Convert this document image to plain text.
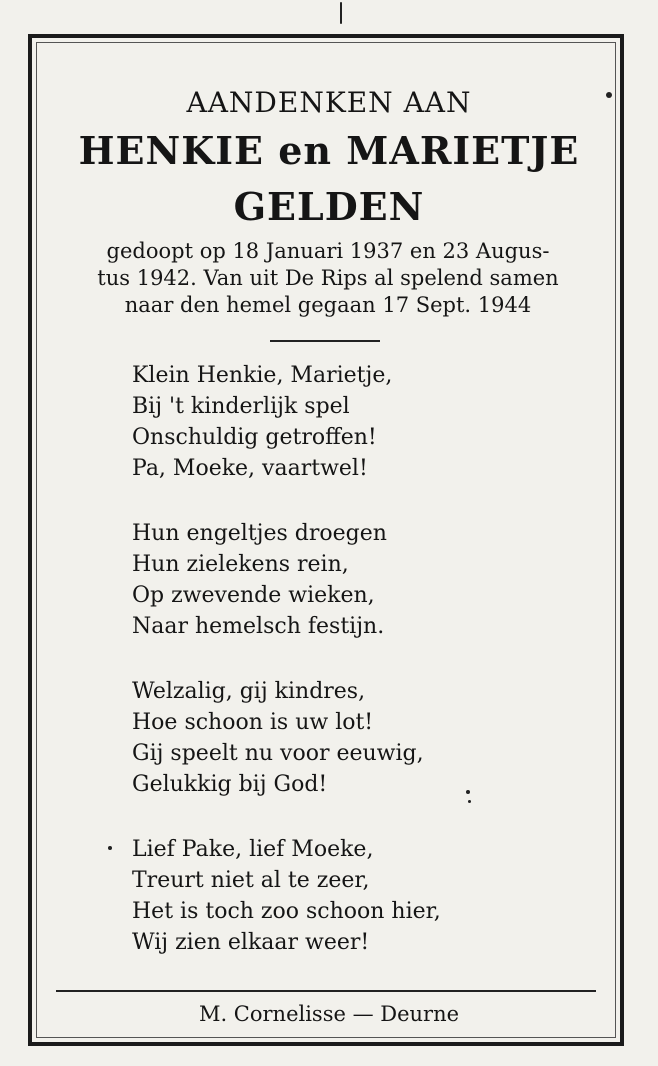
AANDENKEN AAN
HENKIE en MARIETJE
GELDEN
gedoopt op 18 Januari 1937 en 23 Augus-
tus 1942. Van uit De Rips al spelend samen
naar den hemel gegaan 17 Sept. 1944
Klein Henkie, Marietje,
Bij 't kinderlijk spel
Onschuldig getroffen!
Pa, Moeke, vaartwel!
Hun engeltjes droegen
Hun zielekens rein,
Op zwevende wieken,
Naar hemelsch festijn.
Welzalig, gij kindres,
Hoe schoon is uw lot!
Gij speelt nu voor eeuwig,
Gelukkig bij God!
Lief Pake, lief Moeke,
Treurt niet al te zeer,
Het is toch zoo schoon hier,
Wij zien elkaar weer!
M. Cornelisse — Deurne
